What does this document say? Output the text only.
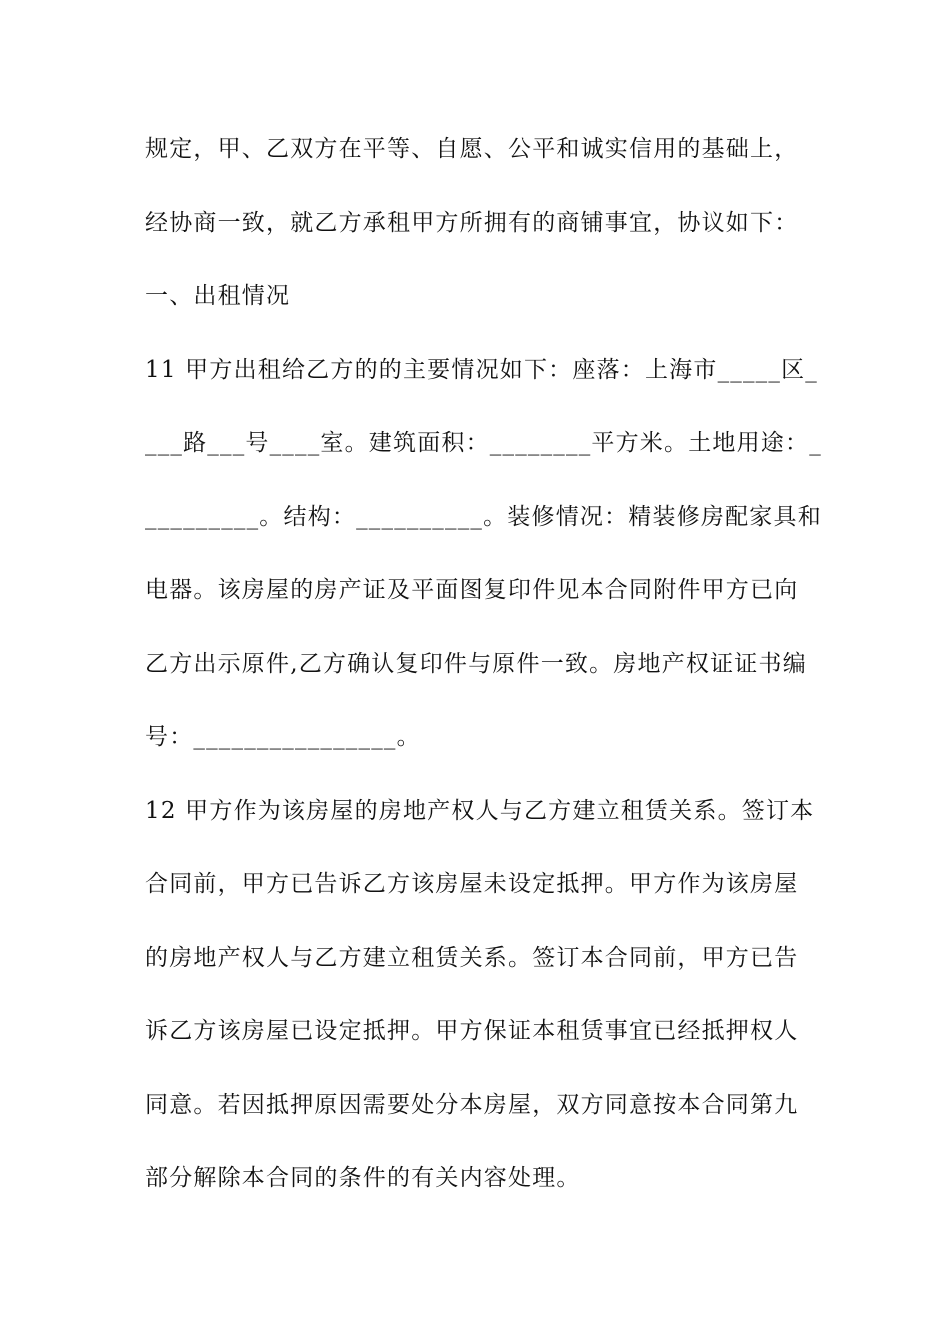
规定，甲、乙双方在平等、自愿、公平和诚实信用的基础上，
经协商一致，就乙方承租甲方所拥有的商铺事宜，协议如下：
一、出租情况
11 甲方出租给乙方的的主要情况如下：座落：上海市_____区_
___路___号____室。建筑面积：________平方米。土地用途：_
_________。结构：__________。装修情况：精装修房配家具和
电器。该房屋的房产证及平面图复印件见本合同附件甲方已向
乙方出示原件,乙方确认复印件与原件一致。房地产权证证书编
号：________________。
12 甲方作为该房屋的房地产权人与乙方建立租赁关系。签订本
合同前，甲方已告诉乙方该房屋未设定抵押。甲方作为该房屋
的房地产权人与乙方建立租赁关系。签订本合同前，甲方已告
诉乙方该房屋已设定抵押。甲方保证本租赁事宜已经抵押权人
同意。若因抵押原因需要处分本房屋，双方同意按本合同第九
部分解除本合同的条件的有关内容处理。
